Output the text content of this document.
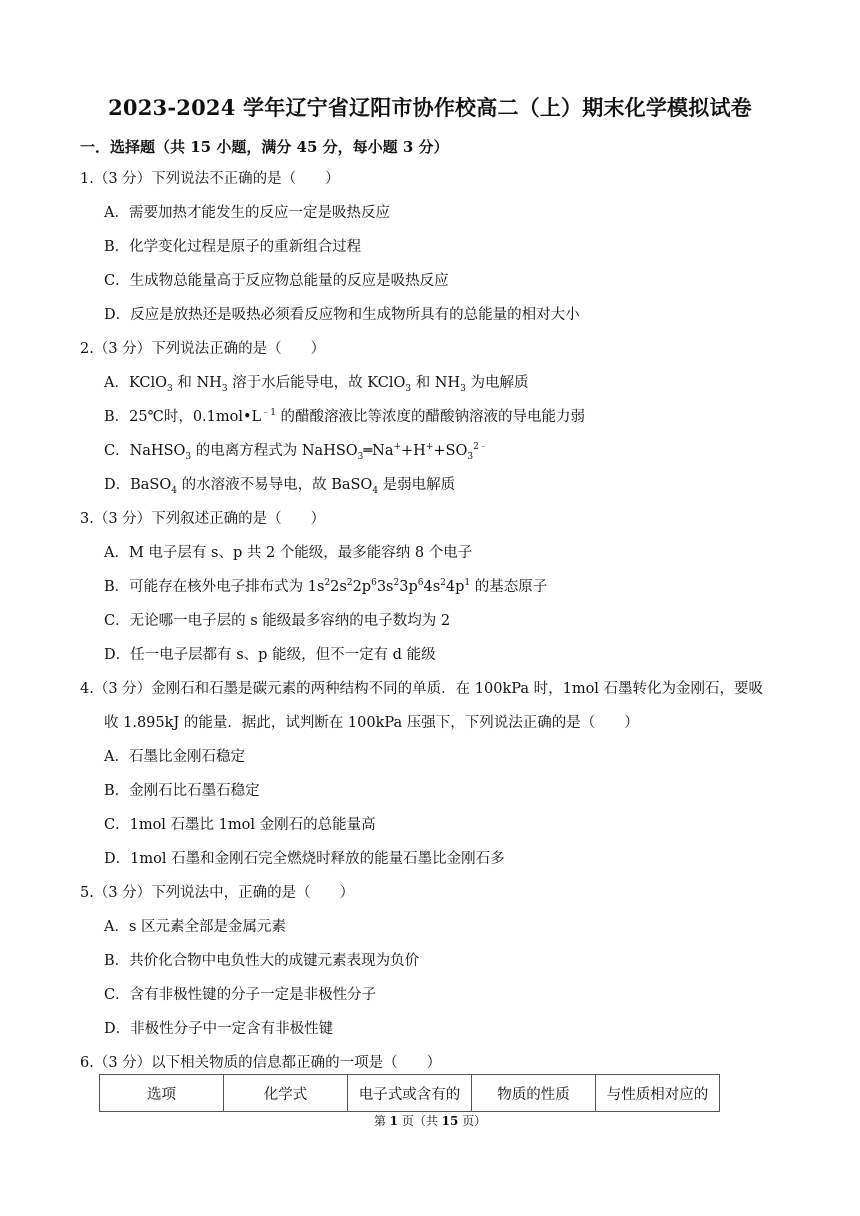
2023-2024 学年辽宁省辽阳市协作校高二（上）期末化学模拟试卷
一．选择题（共 15 小题，满分 45 分，每小题 3 分）
1.（3 分）下列说法不正确的是（　　）
A．需要加热才能发生的反应一定是吸热反应
B．化学变化过程是原子的重新组合过程
C．生成物总能量高于反应物总能量的反应是吸热反应
D．反应是放热还是吸热必须看反应物和生成物所具有的总能量的相对大小
2.（3 分）下列说法正确的是（　　）
A．KClO$_3$ 和 $NH_3$ 溶于水后能导电，故 KClO$_3$ 和 $NH_3$ 为电解质
B．25℃时，$0.1mol•L^{﹣1}$ 的醋酸溶液比等浓度的醋酸钠溶液的导电能力弱
C．NaHSO$_3$ 的电离方程式为 $NaHSO_3═Na^++H^++SO_3^{2﹣}$
D．BaSO$_4$ 的水溶液不易导电，故 BaSO$_4$ 是弱电解质
3.（3 分）下列叙述正确的是（　　）
A．M 电子层有 s、p 共 2 个能级，最多能容纳 8 个电子
B．可能存在核外电子排布式为 $1s^22s^22p^63s^23p^64s^24p^1$ 的基态原子
C．无论哪一电子层的 s 能级最多容纳的电子数均为 2
D．任一电子层都有 s、p 能级，但不一定有 d 能级
4.（3 分）金刚石和石墨是碳元素的两种结构不同的单质．在 100kPa 时，1mol 石墨转化为金刚石，要吸
收 1.895kJ 的能量．据此，试判断在 100kPa 压强下，下列说法正确的是（　　）
A．石墨比金刚石稳定
B．金刚石比石墨石稳定
C．1mol 石墨比 1mol 金刚石的总能量高
D．1mol 石墨和金刚石完全燃烧时释放的能量石墨比金刚石多
5.（3 分）下列说法中，正确的是（　　）
A．s 区元素全部是金属元素
B．共价化合物中电负性大的成键元素表现为负价
C．含有非极性键的分子一定是非极性分子
D．非极性分子中一定含有非极性键
6.（3 分）以下相关物质的信息都正确的一项是（　　）
选项	化学式	电子式或含有的	物质的性质	与性质相对应的
第 1 页（共 15 页）
